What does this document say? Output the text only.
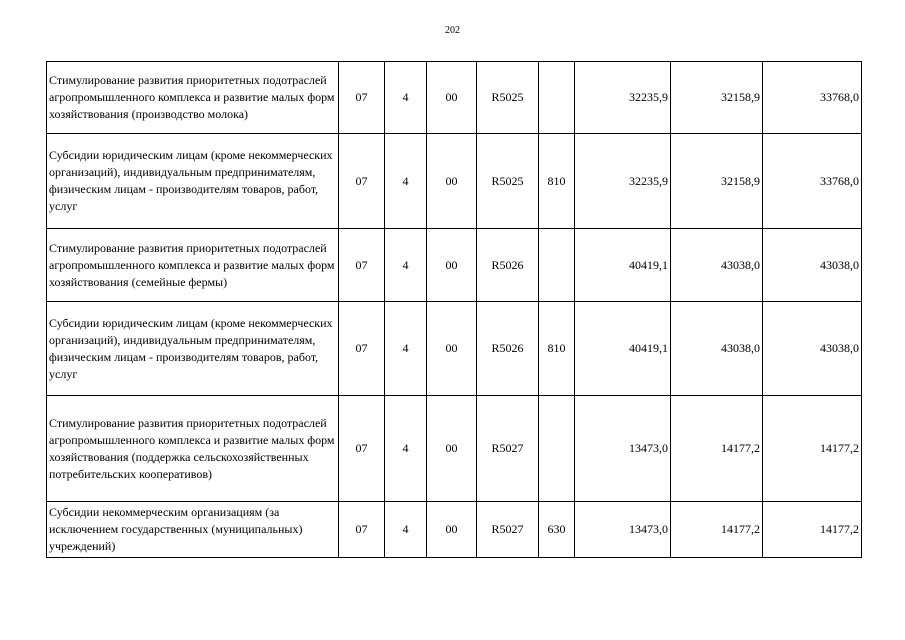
202
Стимулирование развития приоритетных подотраслей агропромышленного комплекса и развитие малых форм хозяйствования (производство молока)	07	4	00	R5025		32235,9	32158,9	33768,0
Субсидии юридическим лицам (кроме некоммерческих организаций), индивидуальным предпринимателям, физическим лицам - производителям товаров, работ, услуг	07	4	00	R5025	810	32235,9	32158,9	33768,0
Стимулирование развития приоритетных подотраслей агропромышленного комплекса и развитие малых форм хозяйствования (семейные фермы)	07	4	00	R5026		40419,1	43038,0	43038,0
Субсидии юридическим лицам (кроме некоммерческих организаций), индивидуальным предпринимателям, физическим лицам - производителям товаров, работ, услуг	07	4	00	R5026	810	40419,1	43038,0	43038,0
Стимулирование развития приоритетных подотраслей агропромышленного комплекса и развитие малых форм хозяйствования (поддержка сельскохозяйственных потребительских кооперативов)	07	4	00	R5027		13473,0	14177,2	14177,2
Субсидии некоммерческим организациям (за исключением государственных (муниципальных) учреждений)	07	4	00	R5027	630	13473,0	14177,2	14177,2
